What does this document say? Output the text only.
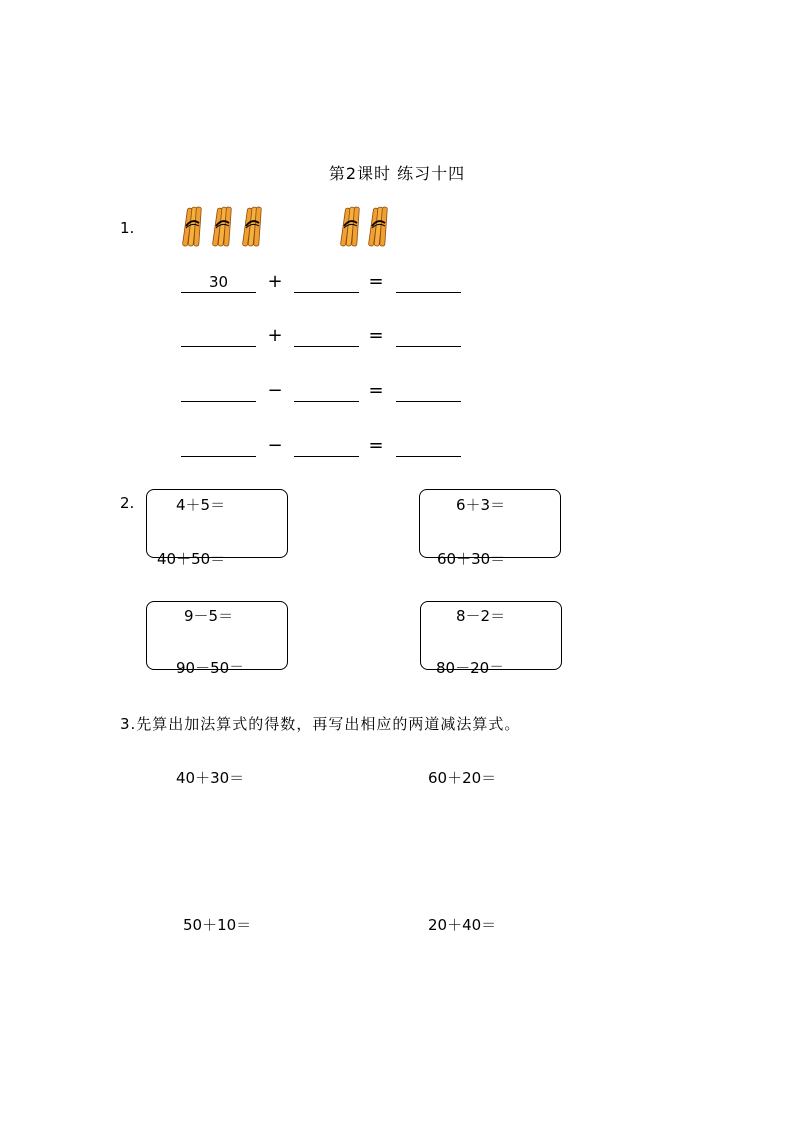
第2课时 练习十四
1.
30	+	=
+	=
−	=
−	=
2.	4＋5＝
40＋50＝
6＋3＝
60＋30＝
9－5＝
90－50＝
8－2＝
80－20＝
3.先算出加法算式的得数，再写出相应的两道减法算式。
40＋30＝	60＋20＝
50＋10＝	20＋40＝
